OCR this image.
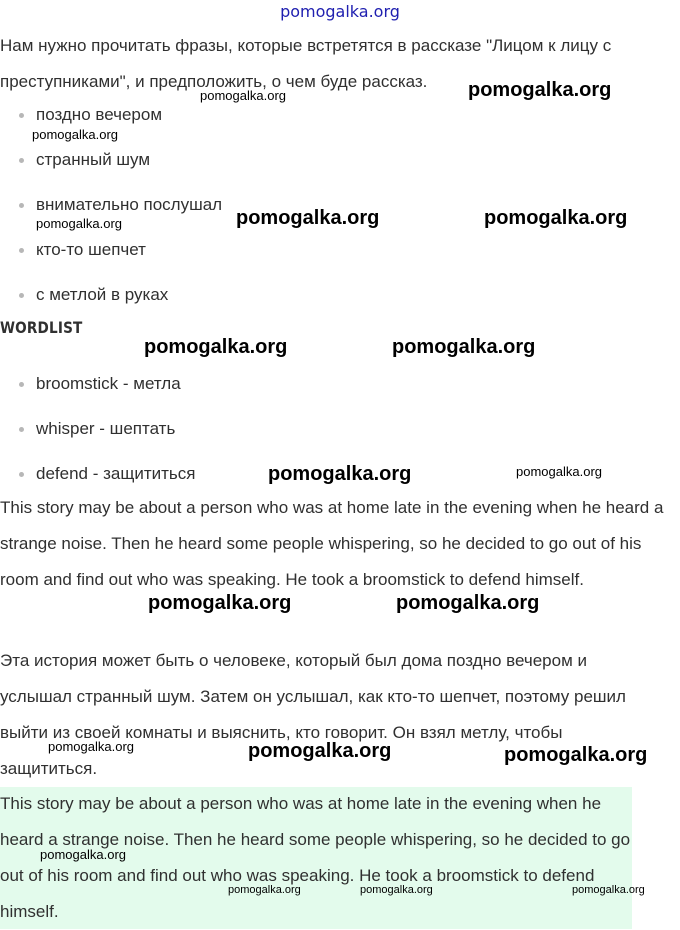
pomogalka.org

Нам нужно прочитать фразы, которые встретятся в рассказе "Лицом к лицу с преступниками", и предположить, о чем буде рассказ.

поздно вечером
странный шум
внимательно послушал
кто-то шепчет
с метлой в руках
WORDLIST
broomstick - метла
whisper - шептать
defend - защититься

This story may be about a person who was at home late in the evening when he heard a strange noise. Then he heard some people whispering, so he decided to go out of his room and find out who was speaking. He took a broomstick to defend himself.

Эта история может быть о человеке, который был дома поздно вечером и услышал странный шум. Затем он услышал, как кто-то шепчет, поэтому решил выйти из своей комнаты и выяснить, кто говорит. Он взял метлу, чтобы защититься.

This story may be about a person who was at home late in the evening when he heard a strange noise. Then he heard some people whispering, so he decided to go out of his room and find out who was speaking. He took a broomstick to defend himself.

pomogalka.org
pomogalka.org
pomogalka.org
pomogalka.org	pomogalka.org	pomogalka.org
pomogalka.org	pomogalka.org
pomogalka.org	pomogalka.org
pomogalka.org	pomogalka.org
pomogalka.org	pomogalka.org	pomogalka.org
pomogalka.org
pomogalka.org	pomogalka.org	pomogalka.org
